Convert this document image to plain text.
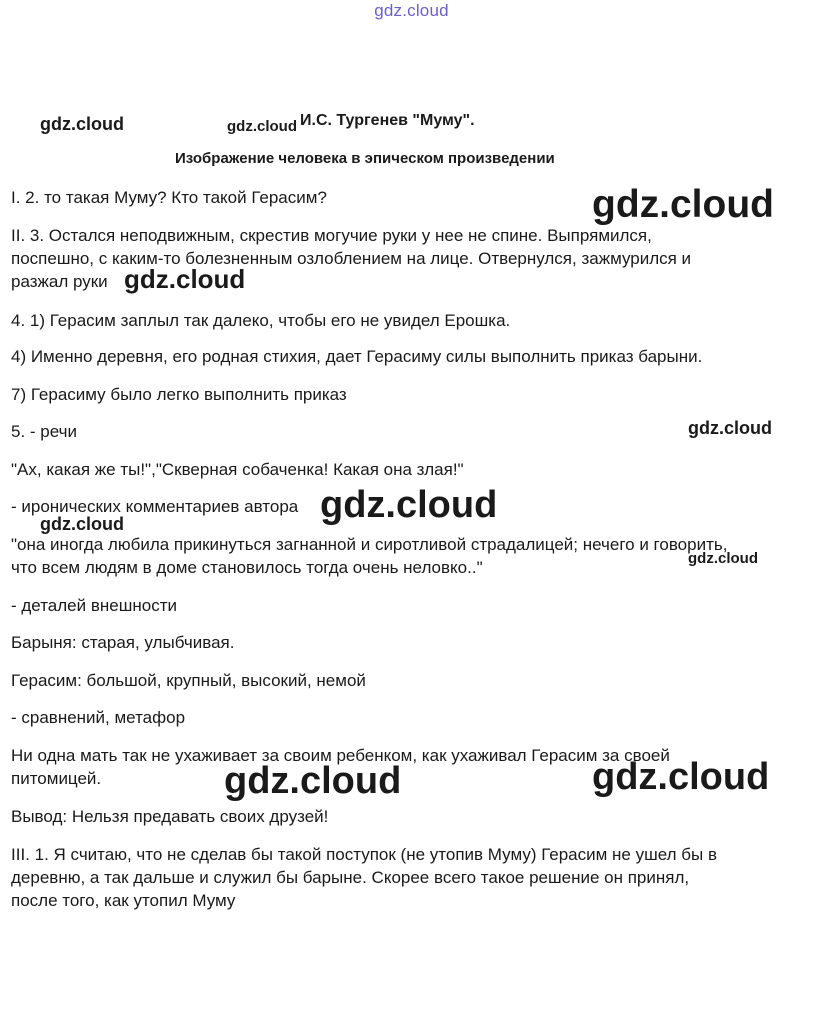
gdz.cloud
И.С. Тургенев "Муму".
Изображение человека в эпическом произведении
I. 2. то такая Муму? Кто такой Герасим?
II. 3. Остался неподвижным, скрестив могучие руки у нее не спине. Выпрямился,
поспешно, с каким-то болезненным озлоблением на лице. Отвернулся, зажмурился и
разжал руки
4. 1) Герасим заплыл так далеко, чтобы его не увидел Ерошка.
4) Именно деревня, его родная стихия, дает Герасиму силы выполнить приказ барыни.
7) Герасиму было легко выполнить приказ
5. - речи
"Ах, какая же ты!","Скверная собаченка! Какая она злая!"
- иронических комментариев автора
"она иногда любила прикинуться загнанной и сиротливой страдалицей; нечего и говорить,
что всем людям в доме становилось тогда очень неловко.."
- деталей внешности
Барыня: старая, улыбчивая.
Герасим: большой, крупный, высокий, немой
- сравнений, метафор
Ни одна мать так не ухаживает за своим ребенком, как ухаживал Герасим за своей
питомицей.
Вывод: Нельзя предавать своих друзей!
III. 1. Я считаю, что не сделав бы такой поступок (не утопив Муму) Герасим не ушел бы в
деревню, а так дальше и служил бы барыне. Скорее всего такое решение он принял,
после того, как утопил Муму
gdz.cloud	gdz.cloud
gdz.cloud
gdz.cloud
gdz.cloud
gdz.cloud
gdz.cloud
gdz.cloud
gdz.cloud	gdz.cloud
